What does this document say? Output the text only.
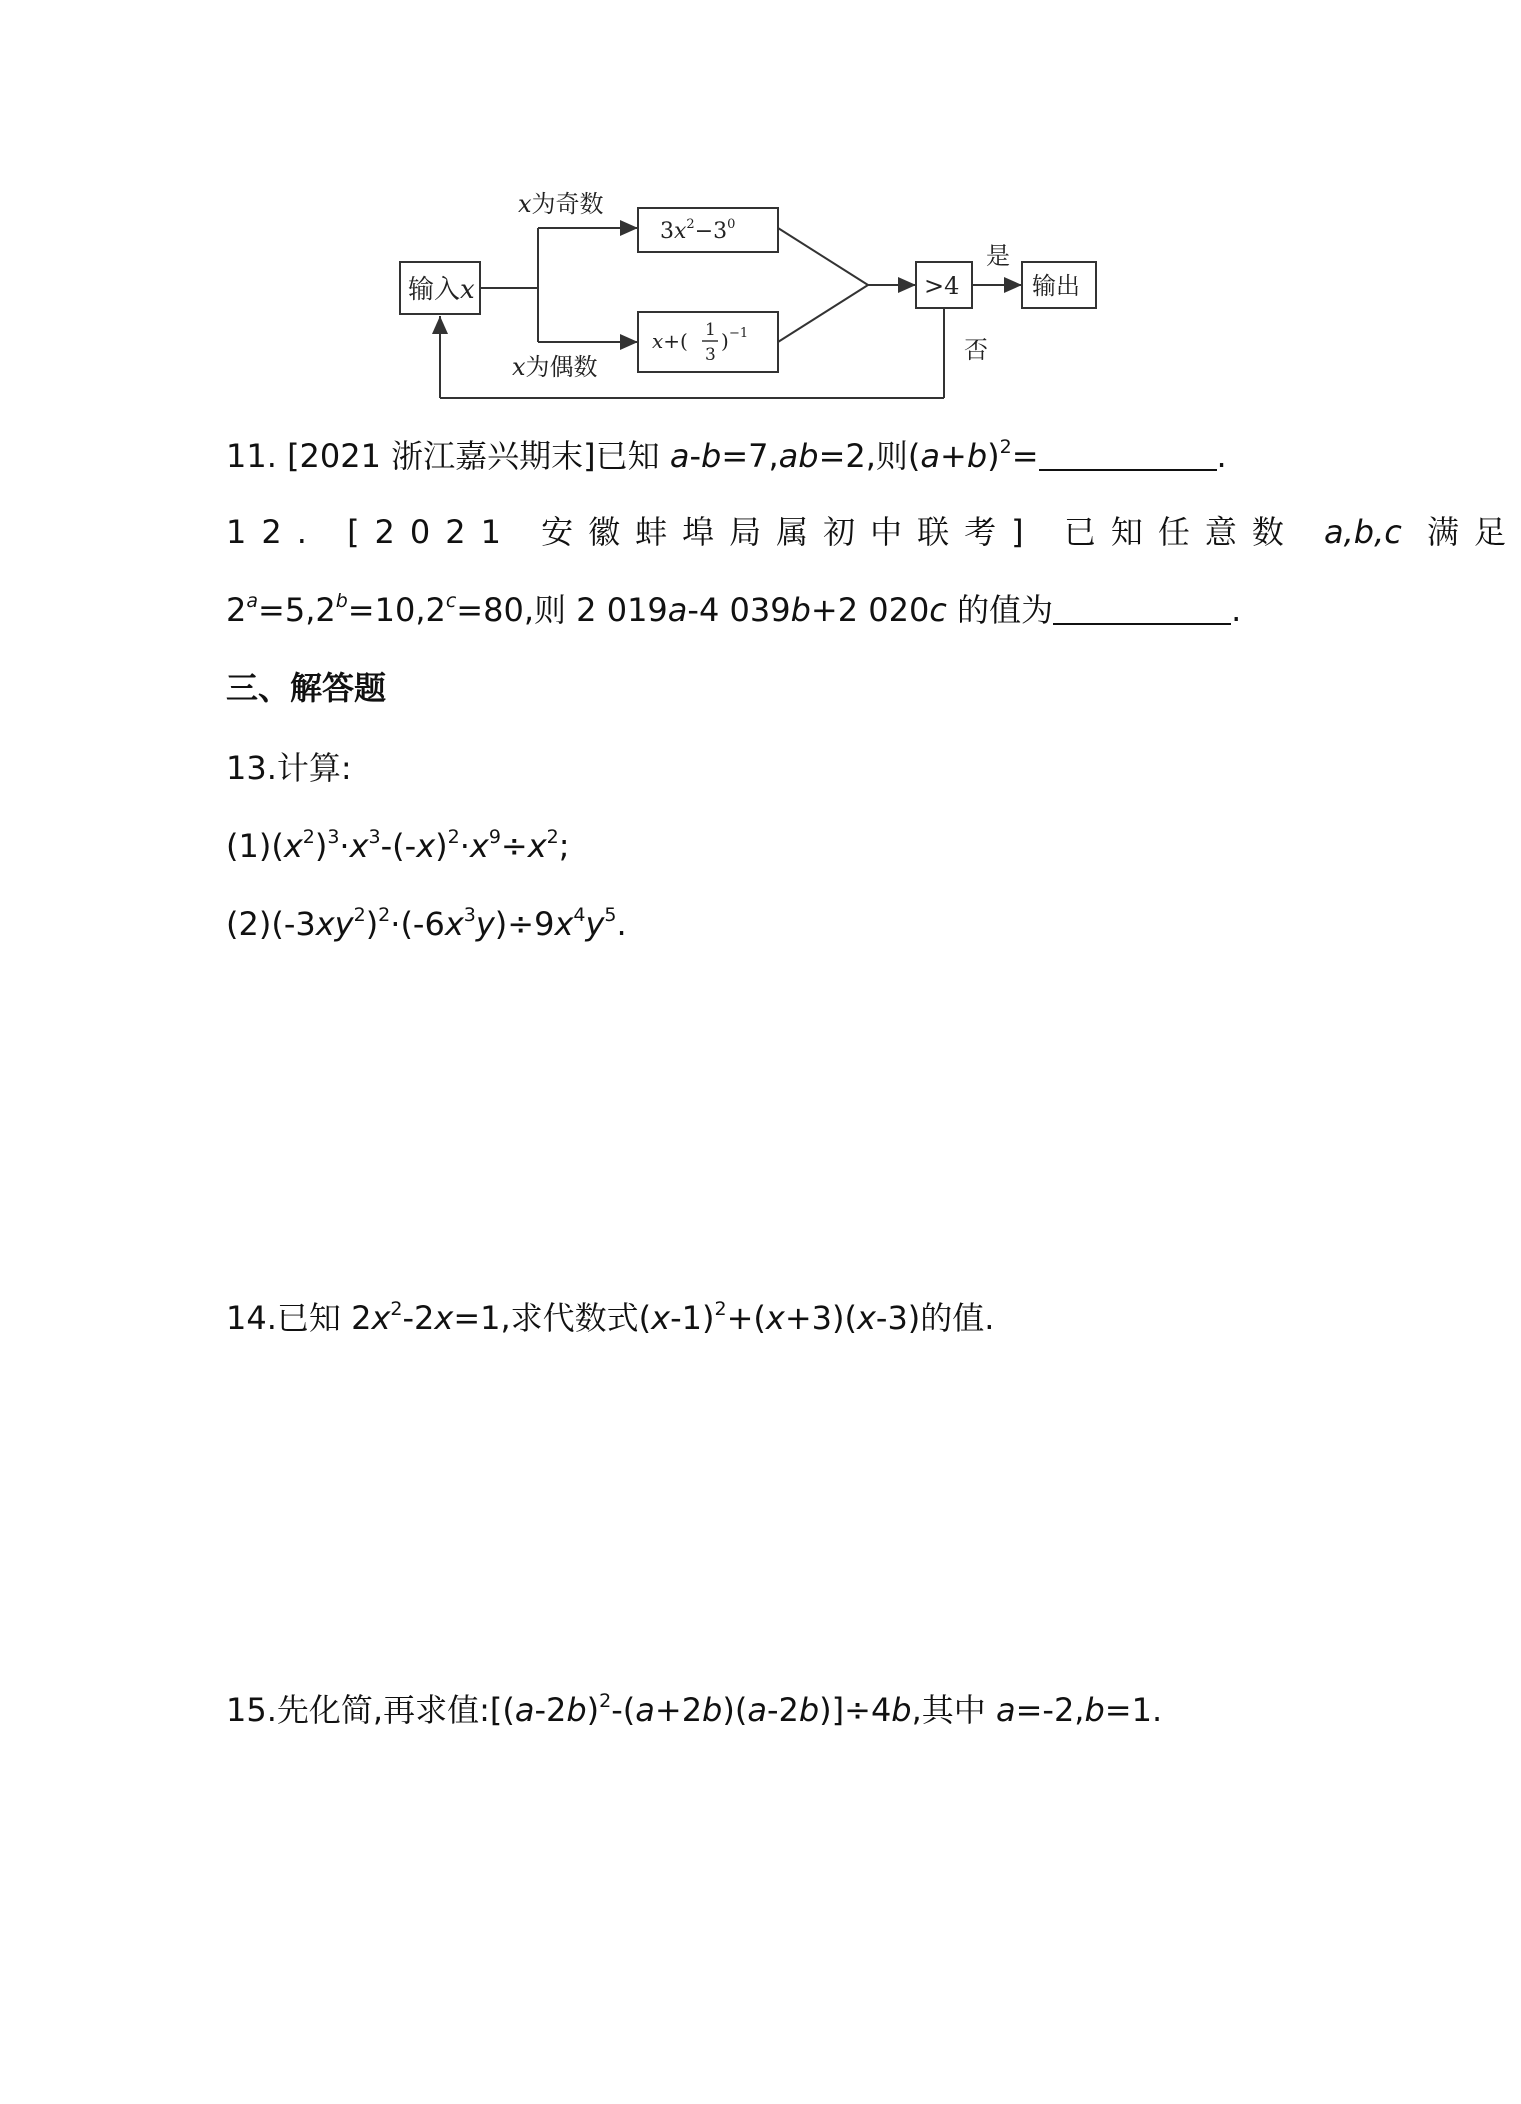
输入x
x为奇数
x为偶数
$3x^2-3^0$
x+( 1
3
) −1
>4
是
输出
否
11. [2021 浙江嘉兴期末]已知 a-b=7,ab=2,则$(a+b)^2=$	.
12. [2021 安徽蚌埠局属初中联考] 已知任意数 a,b,c 满足
$2^a=5,2^b=10,2^c=80$,则 2 019a-4 039b+2 020c 的值为	.
三、解答题
13.计算:
$(1)(x^2)^3\cdot x^3-(-x)^2\cdot x^9\div x^2$;
$(2)(-3xy^2)^2\cdot(-6x^3y)\div 9x^4y^5$.
14.已知 $2x^2-2x=1$,求代数式$(x-1)^2+(x+3)(x-3)$的值.
15.先化简,再求值$:[(a-2b)^2-(a+2b)(a-2b)]\div 4b$,其中 a=-2,b=1.
